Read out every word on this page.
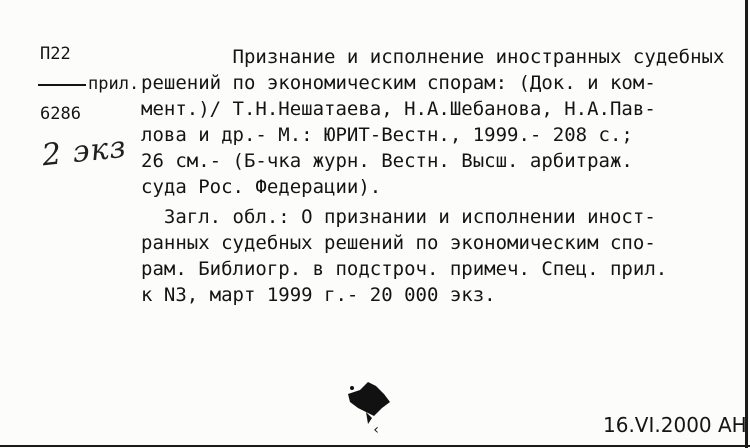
П22
прил.
6286
2 экз
Признание и исполнение иностранных судебных
решений по экономическим спорам: (Док. и ком-
мент.)/ Т.Н.Нешатаева, Н.А.Шебанова, Н.А.Пав-
лова и др.- М.: ЮРИТ-Вестн., 1999.- 208 с.;
26 см.- (Б-чка журн. Вестн. Высш. арбитраж.
суда Рос. Федерации).
Загл. обл.: О признании и исполнении иност-
ранных судебных решений по экономическим спо-
рам. Библиогр. в подстроч. примеч. Спец. прил.
к N3, март 1999 г.- 20 000 экз.
‹	16.VI.2000 AH
